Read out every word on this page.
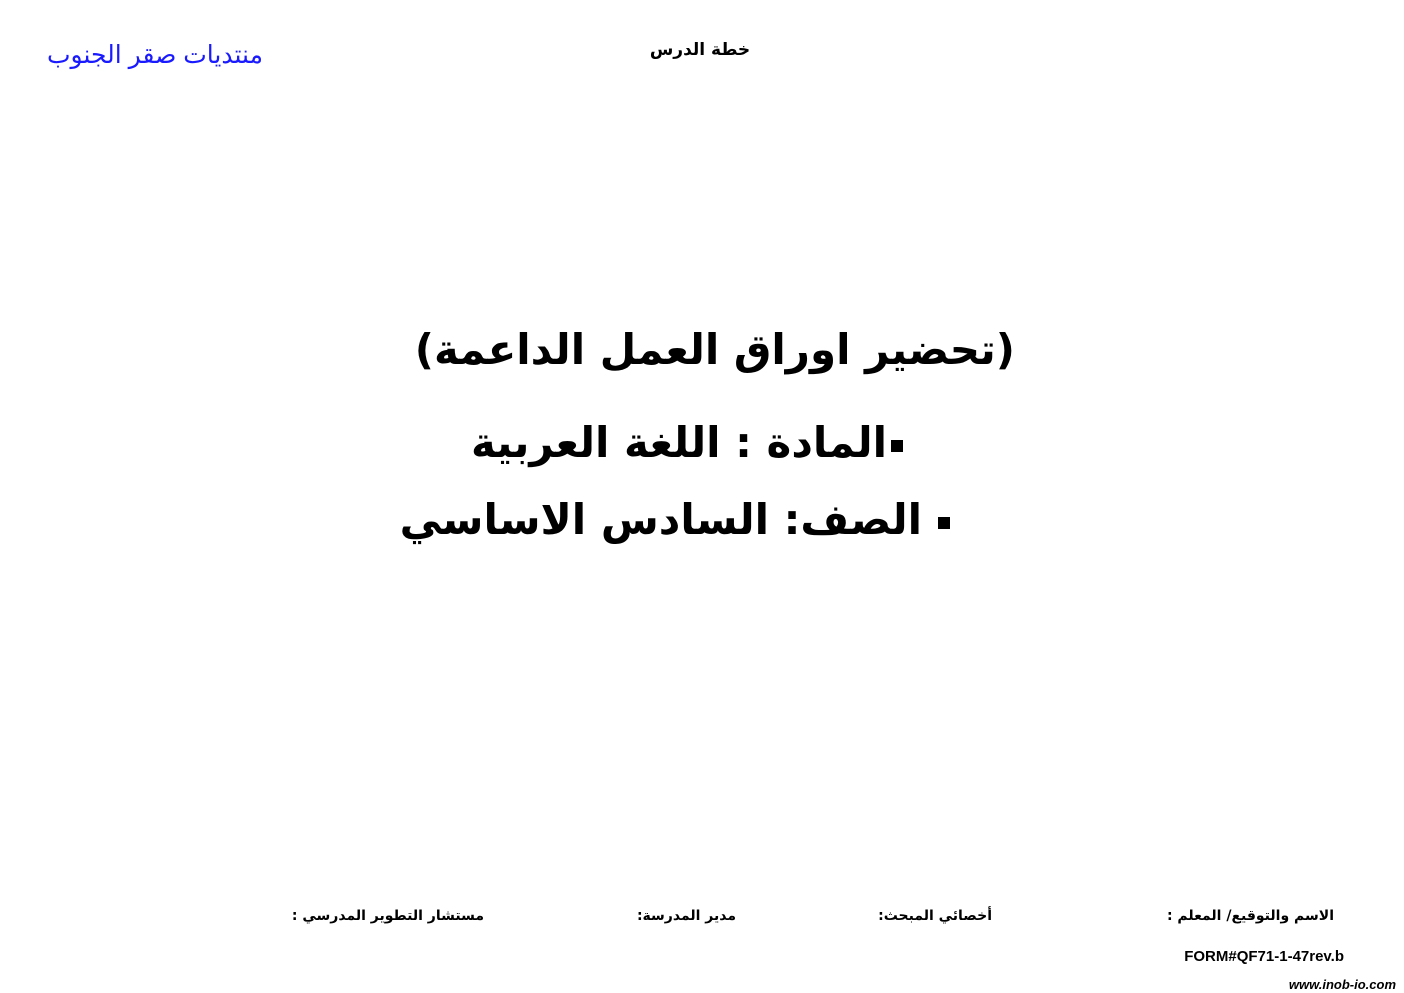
خطة الدرس
منتديات صقر الجنوب
(تحضير اوراق العمل الداعمة)
المادة : اللغة العربية
الصف: السادس الاساسي
الاسم والتوقيع/ المعلم :
أخصائي المبحث:
مدير المدرسة:
مستشار التطوير المدرسي :
FORM#QF71-1-47rev.b
www.inob-io.com
